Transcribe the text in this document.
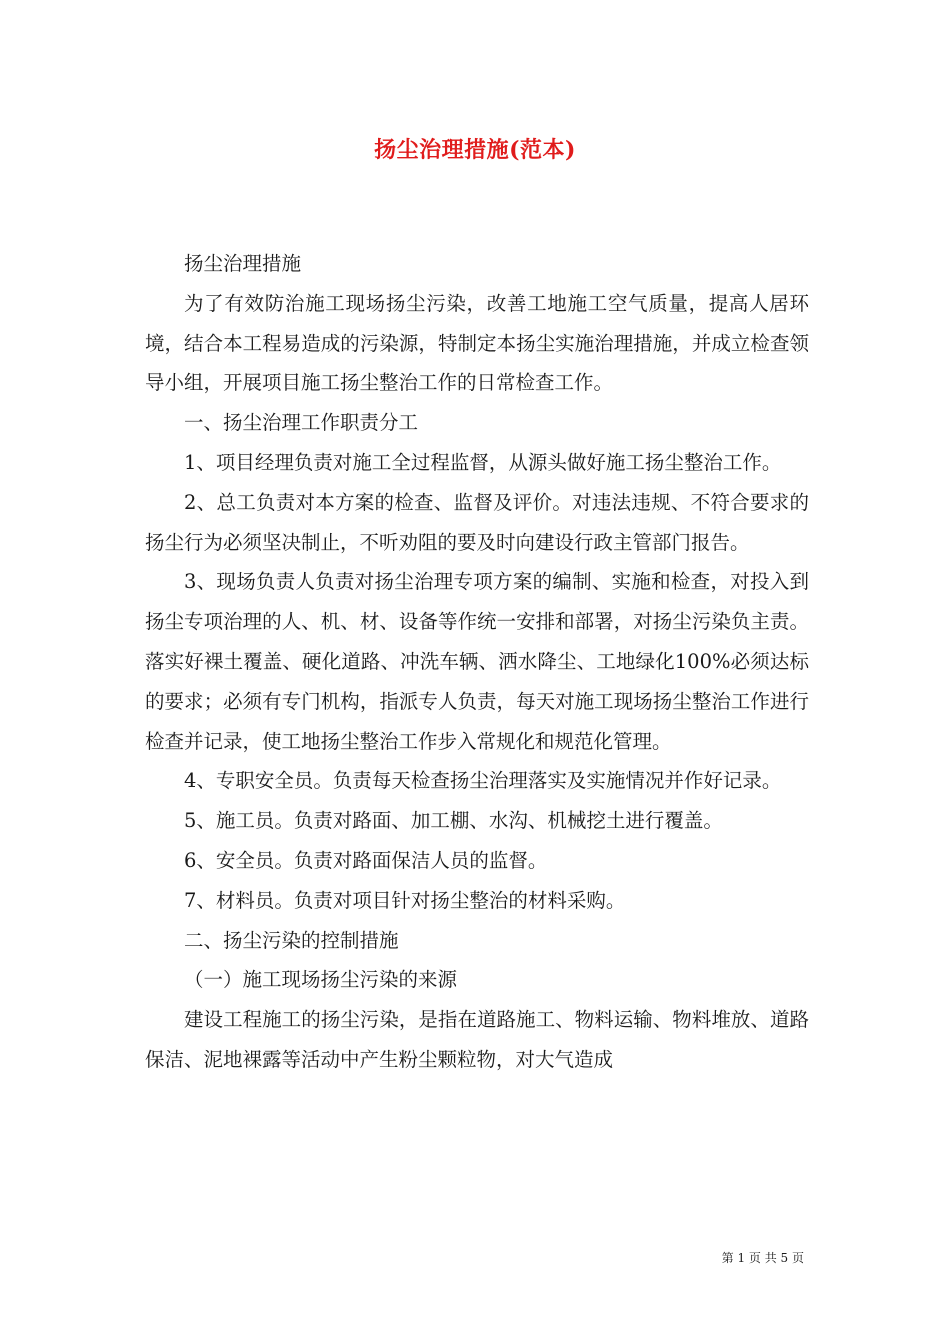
扬尘治理措施(范本)

扬尘治理措施

为了有效防治施工现场扬尘污染，改善工地施工空气质量，提高人居环境，结合本工程易造成的污染源，特制定本扬尘实施治理措施，并成立检查领导小组，开展项目施工扬尘整治工作的日常检查工作。

一、扬尘治理工作职责分工

1、项目经理负责对施工全过程监督，从源头做好施工扬尘整治工作。

2、总工负责对本方案的检查、监督及评价。对违法违规、不符合要求的扬尘行为必须坚决制止，不听劝阻的要及时向建设行政主管部门报告。

3、现场负责人负责对扬尘治理专项方案的编制、实施和检查，对投入到扬尘专项治理的人、机、材、设备等作统一安排和部署，对扬尘污染负主责。落实好裸土覆盖、硬化道路、冲洗车辆、洒水降尘、工地绿化100%必须达标的要求；必须有专门机构，指派专人负责，每天对施工现场扬尘整治工作进行检查并记录，使工地扬尘整治工作步入常规化和规范化管理。

4、专职安全员。负责每天检查扬尘治理落实及实施情况并作好记录。

5、施工员。负责对路面、加工棚、水沟、机械挖土进行覆盖。

6、安全员。负责对路面保洁人员的监督。

7、材料员。负责对项目针对扬尘整治的材料采购。

二、扬尘污染的控制措施

（一）施工现场扬尘污染的来源

建设工程施工的扬尘污染，是指在道路施工、物料运输、物料堆放、道路保洁、泥地裸露等活动中产生粉尘颗粒物，对大气造成

第 1 页 共 5 页
